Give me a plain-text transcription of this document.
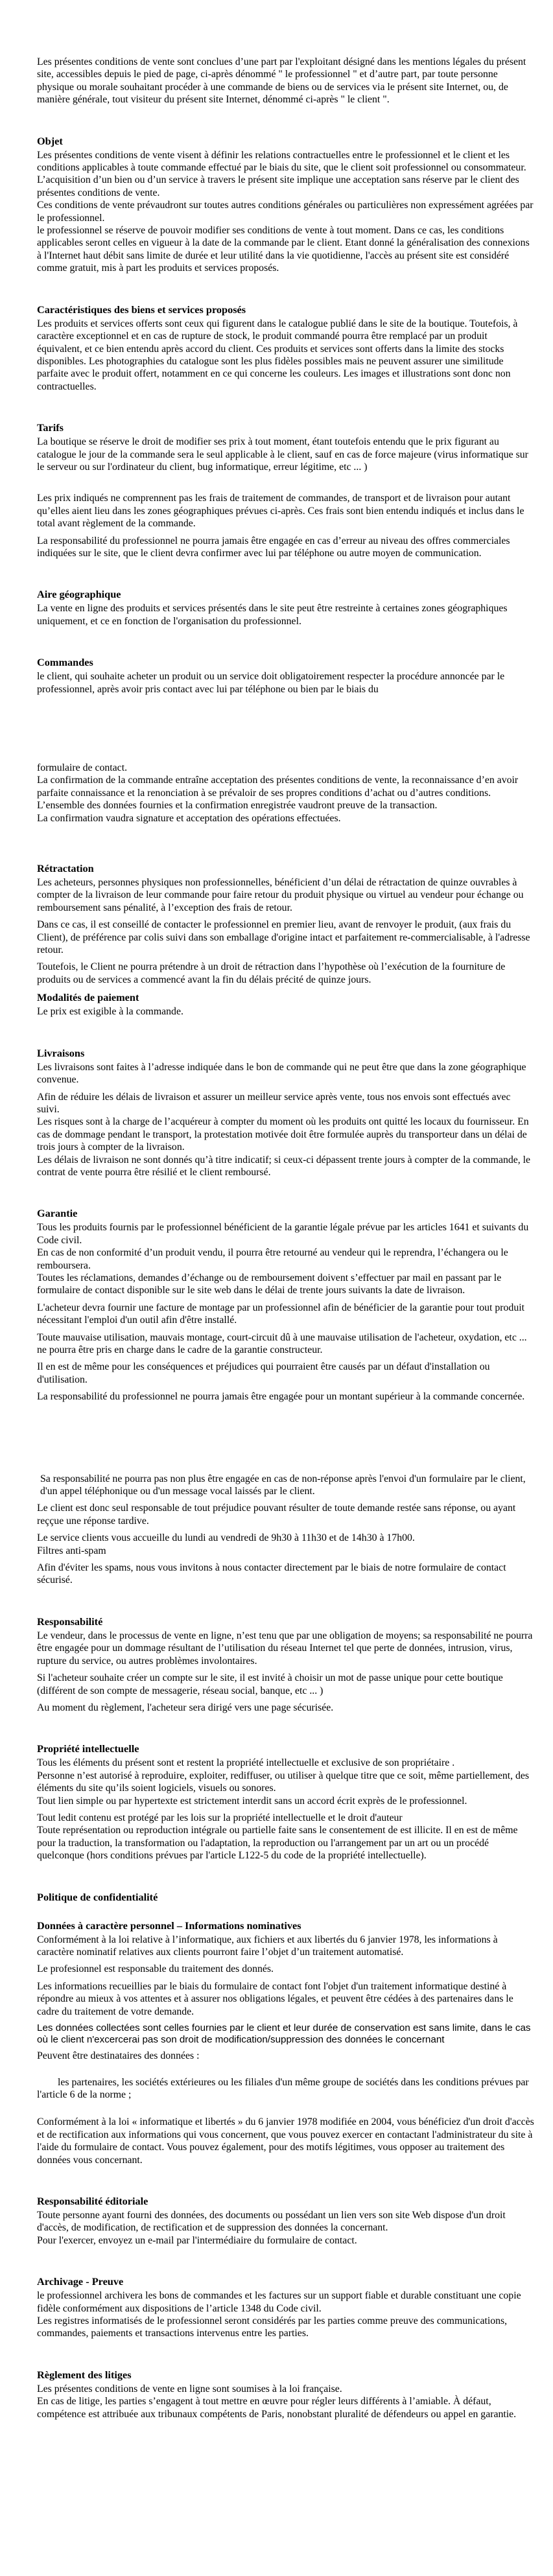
Les présentes conditions de vente sont conclues d’une part par l'exploitant désigné dans les mentions légales du présent site, accessibles depuis le pied de page, ci-après dénommé " le professionnel " et d’autre part, par toute personne physique ou morale souhaitant procéder à une commande de biens ou de services via le présent site Internet, ou, de manière générale, tout visiteur du présent site Internet, dénommé ci-après " le client ".

Objet

Les présentes conditions de vente visent à définir les relations contractuelles entre le professionnel et le client et les conditions applicables à toute commande effectué par le biais du site, que le client soit professionnel ou consommateur.
L’acquisition d’un bien ou d’un service à travers le présent site implique une acceptation sans réserve par le client des présentes conditions de vente.
Ces conditions de vente prévaudront sur toutes autres conditions générales ou particulières non expressément agréées par le professionnel.
le professionnel se réserve de pouvoir modifier ses conditions de vente à tout moment. Dans ce cas, les conditions applicables seront celles en vigueur à la date de la commande par le client. Etant donné la généralisation des connexions à l'Internet haut débit sans limite de durée et leur utilité dans la vie quotidienne, l'accès au présent site est considéré comme gratuit, mis à part les produits et services proposés.

Caractéristiques des biens et services proposés

Les produits et services offerts sont ceux qui figurent dans le catalogue publié dans le site de la boutique. Toutefois, à caractère exceptionnel et en cas de rupture de stock, le produit commandé pourra être remplacé par un produit équivalent, et ce bien entendu après accord du client. Ces produits et services sont offerts dans la limite des stocks disponibles. Les photographies du catalogue sont les plus fidèles possibles mais ne peuvent assurer une similitude parfaite avec le produit offert, notamment en ce qui concerne les couleurs. Les images et illustrations sont donc non contractuelles.

Tarifs

La boutique se réserve le droit de modifier ses prix à tout moment, étant toutefois entendu que le prix figurant au catalogue le jour de la commande sera le seul applicable à le client, sauf en cas de force majeure (virus informatique sur le serveur ou sur l'ordinateur du client, bug informatique, erreur légitime, etc ... )

Les prix indiqués ne comprennent pas les frais de traitement de commandes, de transport et de livraison pour autant qu’elles aient lieu dans les zones géographiques prévues ci-après. Ces frais sont bien entendu indiqués et inclus dans le total avant règlement de la commande.

La responsabilité du professionnel ne pourra jamais être engagée en cas d’erreur au niveau des offres commerciales indiquées sur le site, que le client devra confirmer avec lui par téléphone ou autre moyen de communication.

Aire géographique

La vente en ligne des produits et services présentés dans le site peut être restreinte à certaines zones géographiques uniquement, et ce en fonction de l'organisation du professionnel.

Commandes

le client, qui souhaite acheter un produit ou un service doit obligatoirement respecter la procédure annoncée par le professionnel, après avoir pris contact avec lui par téléphone ou bien par le biais du

formulaire de contact.
La confirmation de la commande entraîne acceptation des présentes conditions de vente, la reconnaissance d’en avoir parfaite connaissance et la renonciation à se prévaloir de ses propres conditions d’achat ou d’autres conditions.
L’ensemble des données fournies et la confirmation enregistrée vaudront preuve de la transaction.
La confirmation vaudra signature et acceptation des opérations effectuées.

Rétractation

Les acheteurs, personnes physiques non professionnelles, bénéficient d’un délai de rétractation de quinze ouvrables à compter de la livraison de leur commande pour faire retour du produit physique ou virtuel au vendeur pour échange ou remboursement sans pénalité, à l’exception des frais de retour.

Dans ce cas, il est conseillé de contacter le professionnel en premier lieu, avant de renvoyer le produit, (aux frais du Client), de préférence par colis suivi dans son emballage d'origine intact et parfaitement re-commercialisable, à l'adresse retour.

Toutefois, le Client ne pourra prétendre à un droit de rétraction dans l’hypothèse où l’exécution de la fourniture de produits ou de services a commencé avant la fin du délais précité de quinze jours.

Modalités de paiement

Le prix est exigible à la commande.

Livraisons

Les livraisons sont faites à l’adresse indiquée dans le bon de commande qui ne peut être que dans la zone géographique convenue.

Afin de réduire les délais de livraison et assurer un meilleur service après vente, tous nos envois sont effectués avec suivi.
Les risques sont à la charge de l’acquéreur à compter du moment où les produits ont quitté les locaux du fournisseur. En cas de dommage pendant le transport, la protestation motivée doit être formulée auprès du transporteur dans un délai de trois jours à compter de la livraison.
Les délais de livraison ne sont donnés qu’à titre indicatif; si ceux-ci dépassent trente jours à compter de la commande, le contrat de vente pourra être résilié et le client remboursé.

Garantie

Tous les produits fournis par le professionnel bénéficient de la garantie légale prévue par les articles 1641 et suivants du Code civil.
En cas de non conformité d’un produit vendu, il pourra être retourné au vendeur qui le reprendra, l’échangera ou le remboursera.
Toutes les réclamations, demandes d’échange ou de remboursement doivent s’effectuer par mail en passant par le formulaire de contact disponible sur le site web dans le délai de trente jours suivants la date de livraison.

L'acheteur devra fournir une facture de montage par un professionnel afin de bénéficier de la garantie pour tout produit nécessitant l'emploi d'un outil afin d'être installé.

Toute mauvaise utilisation, mauvais montage, court-circuit dû à une mauvaise utilisation de l'acheteur, oxydation, etc ... ne pourra être pris en charge dans le cadre de la garantie constructeur.

Il en est de même pour les conséquences et préjudices qui pourraient être causés par un défaut d'installation ou d'utilisation.

La responsabilité du professionnel ne pourra jamais être engagée pour un montant supérieur à la commande concernée.

Sa responsabilité ne pourra pas non plus être engagée en cas de non-réponse après l'envoi d'un formulaire par le client, d'un appel téléphonique ou d'un message vocal laissés par le client.

Le client est donc seul responsable de tout préjudice pouvant résulter de toute demande restée sans réponse, ou ayant reççue une réponse tardive.

Le service clients vous accueille du lundi au vendredi de 9h30 à 11h30 et de 14h30 à 17h00.
Filtres anti-spam

Afin d'éviter les spams, nous vous invitons à nous contacter directement par le biais de notre formulaire de contact sécurisé.

Responsabilité

Le vendeur, dans le processus de vente en ligne, n’est tenu que par une obligation de moyens; sa responsabilité ne pourra être engagée pour un dommage résultant de l’utilisation du réseau Internet tel que perte de données, intrusion, virus, rupture du service, ou autres problèmes involontaires.

Si l'acheteur souhaite créer un compte sur le site, il est invité à choisir un mot de passe unique pour cette boutique (différent de son compte de messagerie, réseau social, banque, etc ... )

Au moment du règlement, l'acheteur sera dirigé vers une page sécurisée.

Propriété intellectuelle

Tous les éléments du présent sont et restent la propriété intellectuelle et exclusive de son propriétaire .
Personne n’est autorisé à reproduire, exploiter, rediffuser, ou utiliser à quelque titre que ce soit, même partiellement, des éléments du site qu’ils soient logiciels, visuels ou sonores.
Tout lien simple ou par hypertexte est strictement interdit sans un accord écrit exprès de le professionnel.

Tout ledit contenu est protégé par les lois sur la propriété intellectuelle et le droit d'auteur
Toute représentation ou reproduction intégrale ou partielle faite sans le consentement de est illicite. Il en est de même pour la traduction, la transformation ou l'adaptation, la reproduction ou l'arrangement par un art ou un procédé quelconque (hors conditions prévues par l'article L122-5 du code de la propriété intellectuelle).

Politique de confidentialité
Données à caractère personnel – Informations nominatives

Conformément à la loi relative à l’informatique, aux fichiers et aux libertés du 6 janvier 1978, les informations à caractère nominatif relatives aux clients pourront faire l’objet d’un traitement automatisé.

Le profesionnel est responsable du traitement des donnés.

Les informations recueillies par le biais du formulaire de contact font l'objet d'un traitement informatique destiné à répondre au mieux à vos attentes et à assurer nos obligations légales, et peuvent être cédées à des partenaires dans le cadre du traitement de votre demande.

Les données collectées sont celles fournies par le client et leur durée de conservation est sans limite, dans le cas où le client n'excercerai pas son droit de modification/suppression des données le concernant

Peuvent être destinataires des données :

les partenaires, les sociétés extérieures ou les filiales d'un même groupe de sociétés dans les conditions prévues par l'article 6 de la norme ;

Conformément à la loi « informatique et libertés » du 6 janvier 1978 modifiée en 2004, vous bénéficiez d'un droit d'accès et de rectification aux informations qui vous concernent, que vous pouvez exercer en contactant l'administrateur du site à l'aide du formulaire de contact. Vous pouvez également, pour des motifs légitimes, vous opposer au traitement des données vous concernant.

Responsabilité éditoriale

Toute personne ayant fourni des données, des documents ou possédant un lien vers son site Web dispose d'un droit d'accès, de modification, de rectification et de suppression des données la concernant.
Pour l'exercer, envoyez un e-mail par l'intermédiaire du formulaire de contact.

Archivage - Preuve

le professionnel archivera les bons de commandes et les factures sur un support fiable et durable constituant une copie fidèle conformément aux dispositions de l’article 1348 du Code civil.
Les registres informatisés de le professionnel seront considérés par les parties comme preuve des communications, commandes, paiements et transactions intervenus entre les parties.

Règlement des litiges

Les présentes conditions de vente en ligne sont soumises à la loi française.
En cas de litige, les parties s’engagent à tout mettre en œuvre pour régler leurs différents à l’amiable. À défaut, compétence est attribuée aux tribunaux compétents de Paris, nonobstant pluralité de défendeurs ou appel en garantie.
